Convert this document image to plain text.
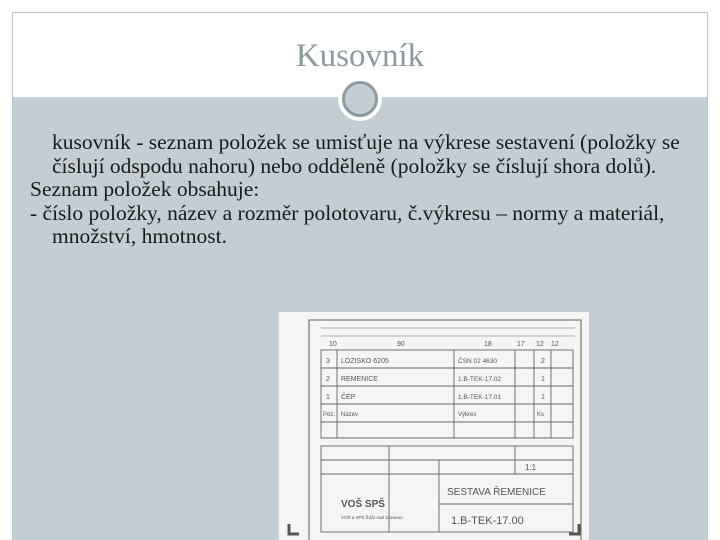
Kusovník

kusovník - seznam položek se umisťuje na výkrese sestavení (položky se číslují odspodu nahoru) nebo odděleně (položky se číslují shora dolů).

Seznam položek obsahuje:

- číslo položky, název a rozměr polotovaru, č.výkresu – normy a materiál, množství, hmotnost.

10	90	18	17 12 12
3 LOZISKO 6205	ČSN 02 4630	2
2 REMENICE	1.B-TEK-17.02	1
1 ČEP	1.B-TEK-17.01	1
Poz. Název	Výkres	Ks
1:1
VOŠ SPŠ
VOŠ a SPŠ Žďár nad Sázavou
SESTAVA ŘEMENICE
1.B-TEK-17.00
